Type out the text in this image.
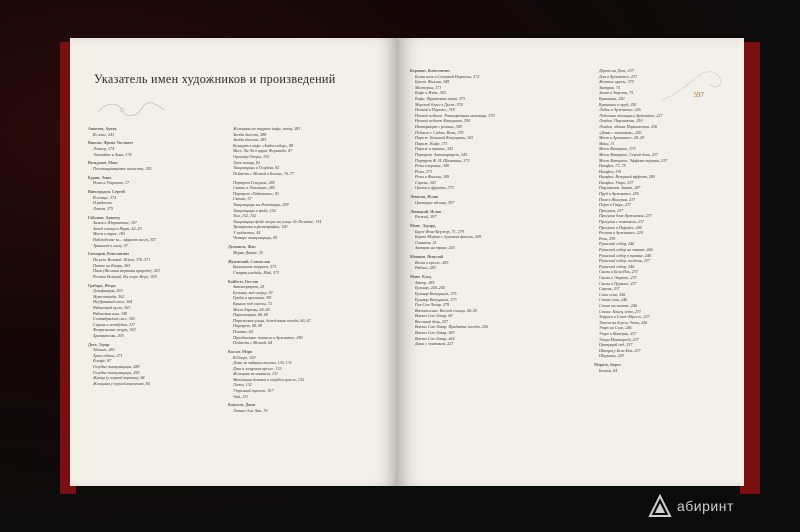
Указатель имен художников и произведений
Анкетов, Артак
В слоне, 243
Вингли, Френк Уистьюн
Лемнер, 374
Эльмайте и Анка, 374
Вельдман, Макс
Полевонцентровие палистве, 355
Бурин, Эмил
Нлам в Утровит, 17
Виноградов, Сергей
В солнце, 374
И радость
Летом, 375
Гайсман, Арменд
Замок в Шарантоне, 357
Заход солнца в Нарт, 42–43
Мост в парке, 183
Наблюдение за... эффект снега, 357
Тринквид в снегу, 57
Гончаров, Константин
На реке Великой. Псков, 370–371
Патио на Капри, 363
Пион (Желтая мертвая природа), 343
Ростов Великий. На озере Неро, 309
Грабарь, Игорь
Дельфиниум, 293
Мутсотиада, 362
Неубранный стол, 364
Рябиновый куст, 363
Рябиновая яма, 349
Сентябрьский снег, 363
Сирень и незабудки, 237
Февральская лазурь, 363
Хризантемы, 293
Дега, Эдгар
Абсинт, 283
Ария собаки, 271
В кафе, 87
Голубые танцовщицы, 289
Голубые танцовщицы, 290
Жрица (у черной воронки), 84
Женщина у черной ворончит, 84
Женщины на террасе кафе, вечер, 281
Звезда балета, 288
Звездa балета, 285
Концерт в кафе «Амбассадор», 88
Мисс Ла-Ла в цирке Фернандо, 87
Оркестр Оперы, 330
Урок танца, 82
Танцовщицы в Голубом, 82
Пейзажи с Мелкой в Болоне, 76–77
Портрет Генерала, 285
Скачки в Лонгшане, 285
Портрет «Табачника», 81
Скачки, 57
Танцовщицы на Репетиции, 299
Танцовщицы в фойе, 152
Там, 152, 152
Танцовщица фойе оперы на улице Ле Пелетье, 134
Тренировка в фотографии, 150
У модистки, 44
Четыре танцовщицы, 85
Дельвиль, Жан
Моряк Данте, 35
Жуковский, Станислав
Брошенная терраса, 373
Старая усадьба, Май, 373
Кайботт, Гюстав
Автопортрет, 25
Бульвар, вид сверху, 39
Грибы и кроликов, 381
Крыши под снегом, 72
Мост Европы, 64–65
Паркетщики, 68–69
Парижская улица, дождливая погода, 66–67
Портрет, 58–59
Плитка, 64
Праздничные жители в Аржантее, 290
Пейзажи с Мелкой, 64
Кассат, Мэри
В Опере, 329
Дама за чайным столом, 130, 131
Дочь в лазурном кресле, 133
Женщина за шитьем, 131
Маленькая девочка в голубом кресле, 132
Ложа, 132
Утренний туалет, 357
Чай, 131
Кокстон, Джон
Летнее для Эми, 76
597
Коровин, Константин
Белая ночь в Северной Норвегии, 372
Букет. Фиалки, 349
Мистерия, 371
Кафе в Ялте, 363
Кафе. Фруктовая лавка, 373
Морской берег в Дьепе, 374
Ночной в Париже, 318
Ночной пейзаж. Разноцветная мельница, 370
Ночной пейзаж Капуцинов, 350
Натюрморт с розами, 349
Пейзаж с Садом. Ночь, 370
Париж. Большой Капуцинов, 343
Париж. Кафе, 371
Париж в тумане, 343
Портрет. Автопортрет, 343
Портрет Ф. И. Шаляпина, 373
Розы в корзине, 349
Розы, 373
Розы и Фиалки, 349
Сирень, 343
Цветы и фрукты, 373
Левитан, Исаак
Цветущие яблони, 397
Левицкий, Исаак
Рыжий, 397
Мане, Эдуард
Бар в Фоли-Бержер, 71, 279
Берта Моризо с букетом фиалок, 209
Олимпия, 31
Завтрак на траве, 243
Машков, Николай
Весна в кресле, 283
Рябинa, 283
Мане, Клод
Автор, 285
Бульвар, 244–245
Бульвар Капуцинок, 375
Бульвар Капуцинок, 373
Гаэ-Сен-Лазар, 279
Впечатление. Восход солнца, 44–45
Вокзал Сен-Лазар, 80
Весенний день, 257
Вокзал Сен-Лазар. Прибытие поезда, 256
Вокзал Сен-Лазар, 383
Вокзал Сен-Лазар, 264
Дама с зонтиком, 227
Дерево на Даче, 237
Дом в Аржантее, 237
Желтые ирисы, 375
Завтрак, 74
Залив в Этрета, 75
Кувшинки, 250
Кувшинки и пруд, 250
Лодки в Аржантее, 226
Лодочная станция в Аржантее, 227
Лондон. Парламент, 250
Лондон, здание Парламента, 236
«Дама с зонтиком», 250
Мост в Аржантее, 28–29
Маки, 31
Мост Ватерлоо, 375
Мост Ватерлоо. Серый день, 237
Мост Ватерлоо. Эффект тумана, 237
Нимфеи, 73, 75
Нимфеи, 391
Нимфеи. Вечерний эффект, 285
Нимфеи. Утро, 237
Парламент. Закат, 287
Пруд в Аржантее, 255
Поля в Живерни, 237
Порт в Гавре, 237
Прогулка, 237
Прогулка близ Аржантея, 237
Прогулка с зонтиком, 237
Прогулка в Париже, 246
Регата в Аржантее, 229
Река, 259
Руанский собор, 246
Руанский собор на закате, 246
Руанский собор в тумане, 246
Руанский собор, полдень, 237
Руанский собор, 246
Скалы в Бель-Иль, 237
Скалы в Этрета, 237
Скалы в Пурвиле, 237
Сирень, 237
Стог сена, 246
Стога сена, 246
Стога на закате, 246
Стога. Конец лета, 237
Терраса в Сент-Адрессе, 237
Тополя на берегу Эпта, 246
Утро на Сене, 246
Утро в Живерни, 237
Улица Монторгёй, 237
Цветущий сад, 237
Шторм у Бель-Иль, 237
Ширинкa, 229
Моризо, Берта
Балкон, 84
абиринт
